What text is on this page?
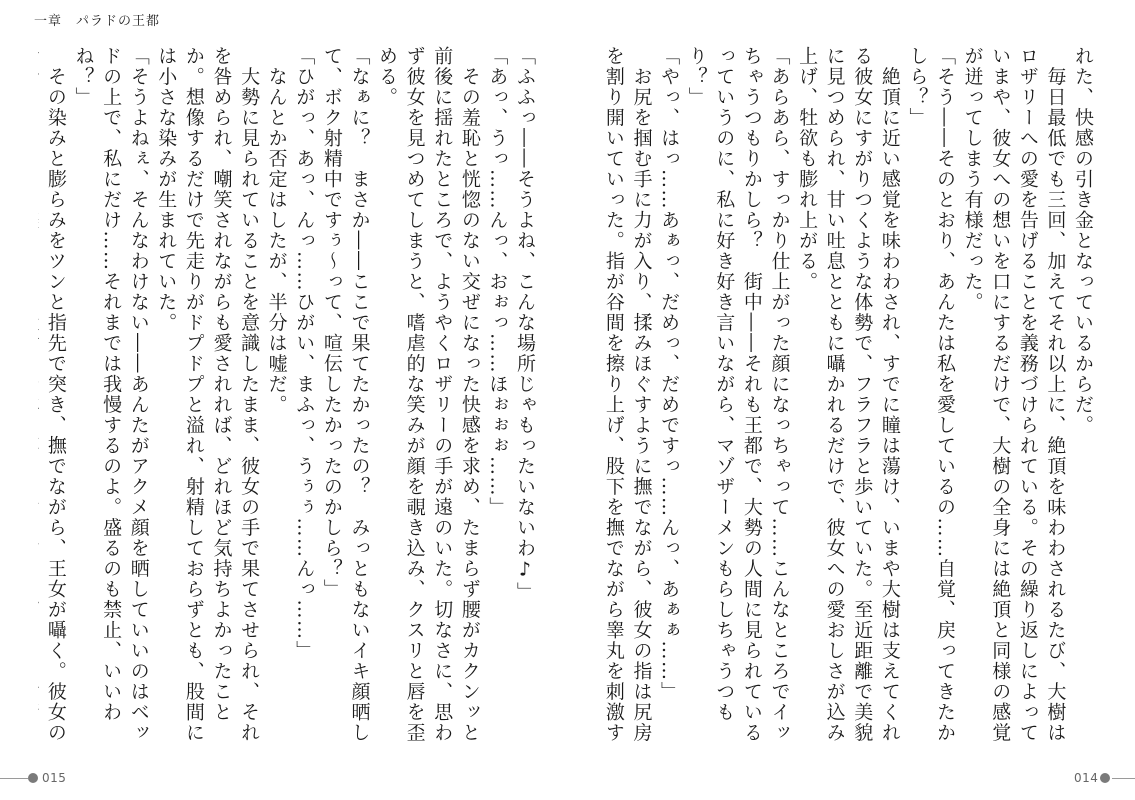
一章　パラドの王都

「ふふっ――そうよね、こんな場所じゃもったいないわ♪」

「あっ、うっ……んっ、おぉっ……ほぉぉぉ……」

　その羞恥と恍惚のない交ぜになった快感を求め、たまらず腰がカクンッと前後に揺れたところで、ようやくロザリーの手が遠のいた。切なさに、思わず彼女を見つめてしまうと、嗜虐的な笑みが顔を覗き込み、クスリと唇を歪める。

「なぁに？　まさか――ここで果てたかったの？　みっともないイキ顔晒して、ボク射精中ですぅ～って、喧伝したかったのかしら？」

「ひがっ、あっ、んっ……ひがい、まふっ、うぅぅ……んっ……」

　なんとか否定はしたが、半分は嘘だ。

　大勢に見られていることを意識したまま、彼女の手で果てさせられ、それを咎められ、嘲笑されながらも愛されれば、どれほど気持ちよかったことか。想像するだけで先走りがドプドプと溢れ、射精しておらずとも、股間には小さな染みが生まれていた。

「そうよねぇ、そんなわけない――あんたがアクメ顔を晒していいのはベッドの上で、私にだけ……それまでは我慢するのよ。盛るのも禁止、いいわね？」

　その染みと膨らみをツンと指先で突き、撫でながら、王女が囁く。彼女の

れた、快感の引き金となっているからだ。

　毎日最低でも三回、加えてそれ以上に、絶頂を味わわされるたび、大樹はロザリーへの愛を告げることを義務づけられている。その繰り返しによっていまや、彼女への想いを口にするだけで、大樹の全身には絶頂と同様の感覚が迸ってしまう有様だった。

「そう――そのとおり、あんたは私を愛しているの……自覚、戻ってきたかしら？」

　絶頂に近い感覚を味わわされ、すでに瞳は蕩け、いまや大樹は支えてくれる彼女にすがりつくような体勢で、フラフラと歩いていた。至近距離で美貌に見つめられ、甘い吐息とともに囁かれるだけで、彼女への愛おしさが込み上げ、牡欲も膨れ上がる。

「あらあら、すっかり仕上がった顔になっちゃって……こんなところでイッちゃうつもりかしら？　街中――それも王都で、大勢の人間に見られているっていうのに、私に好き好き言いながら、マゾザーメンもらしちゃうつもり？」

「やっ、はっ……あぁっ、だめっ、だめですっ……んっ、あぁぁ……」

　お尻を掴む手に力が入り、揉みほぐすように撫でながら、彼女の指は尻房を割り開いていった。指が谷間を擦り上げ、股下を撫でながら睾丸を刺激す

015	014
